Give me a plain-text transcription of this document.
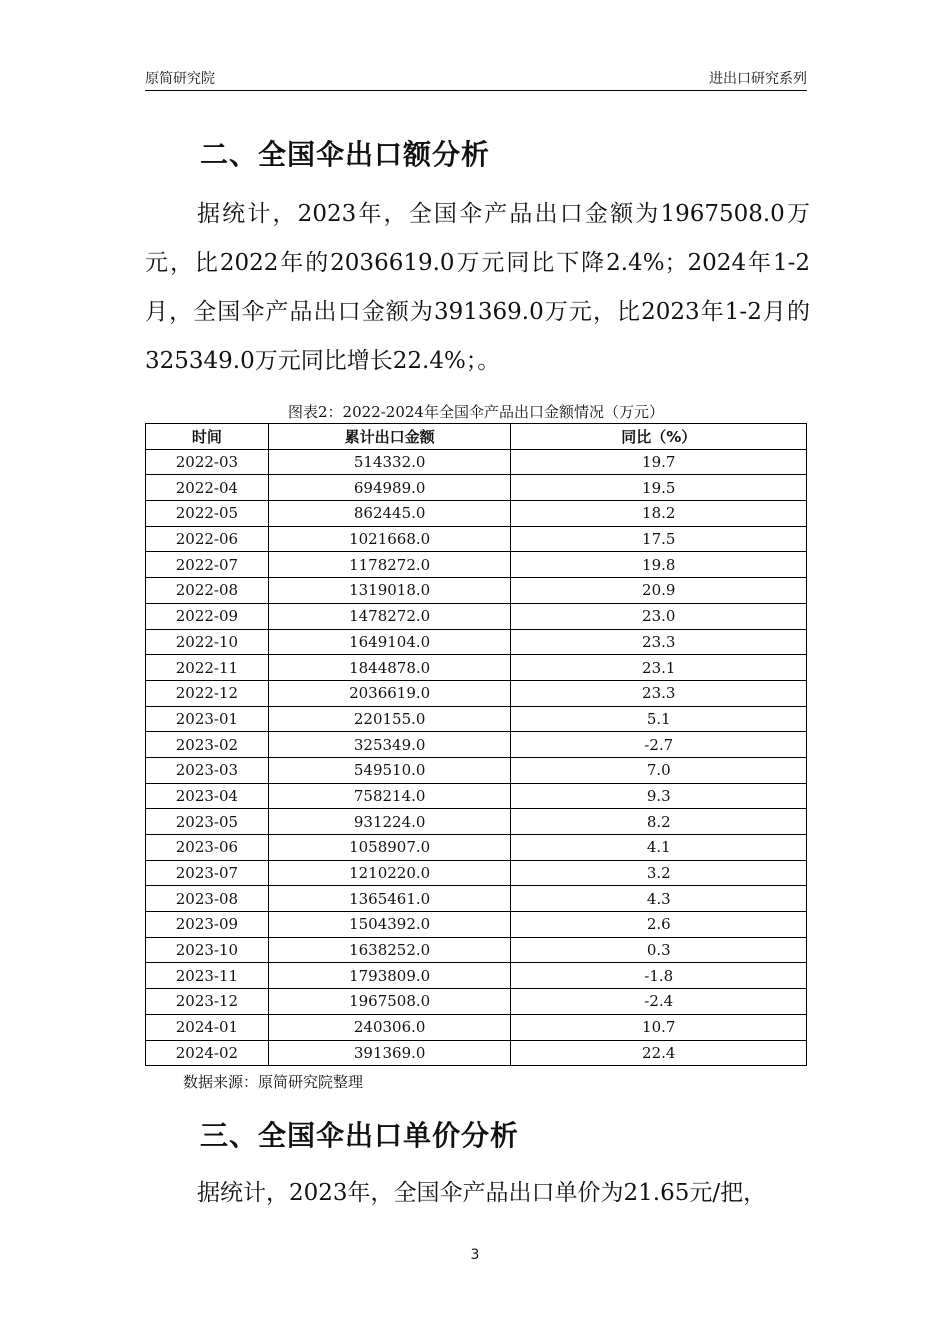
原简研究院	进出口研究系列
二、全国伞出口额分析
据统计，2023年，全国伞产品出口金额为1967508.0万元，比2022年的2036619.0万元同比下降2.4%；2024年1-2月，全国伞产品出口金额为391369.0万元，比2023年1-2月的325349.0万元同比增长22.4%；。
图表2：2022-2024年全国伞产品出口金额情况（万元）
时间	累计出口金额	同比（%）
2022-03	514332.0	19.7
2022-04	694989.0	19.5
2022-05	862445.0	18.2
2022-06	1021668.0	17.5
2022-07	1178272.0	19.8
2022-08	1319018.0	20.9
2022-09	1478272.0	23.0
2022-10	1649104.0	23.3
2022-11	1844878.0	23.1
2022-12	2036619.0	23.3
2023-01	220155.0	5.1
2023-02	325349.0	-2.7
2023-03	549510.0	7.0
2023-04	758214.0	9.3
2023-05	931224.0	8.2
2023-06	1058907.0	4.1
2023-07	1210220.0	3.2
2023-08	1365461.0	4.3
2023-09	1504392.0	2.6
2023-10	1638252.0	0.3
2023-11	1793809.0	-1.8
2023-12	1967508.0	-2.4
2024-01	240306.0	10.7
2024-02	391369.0	22.4
数据来源：原简研究院整理
三、全国伞出口单价分析
据统计，2023年，全国伞产品出口单价为21.65元/把，
3
